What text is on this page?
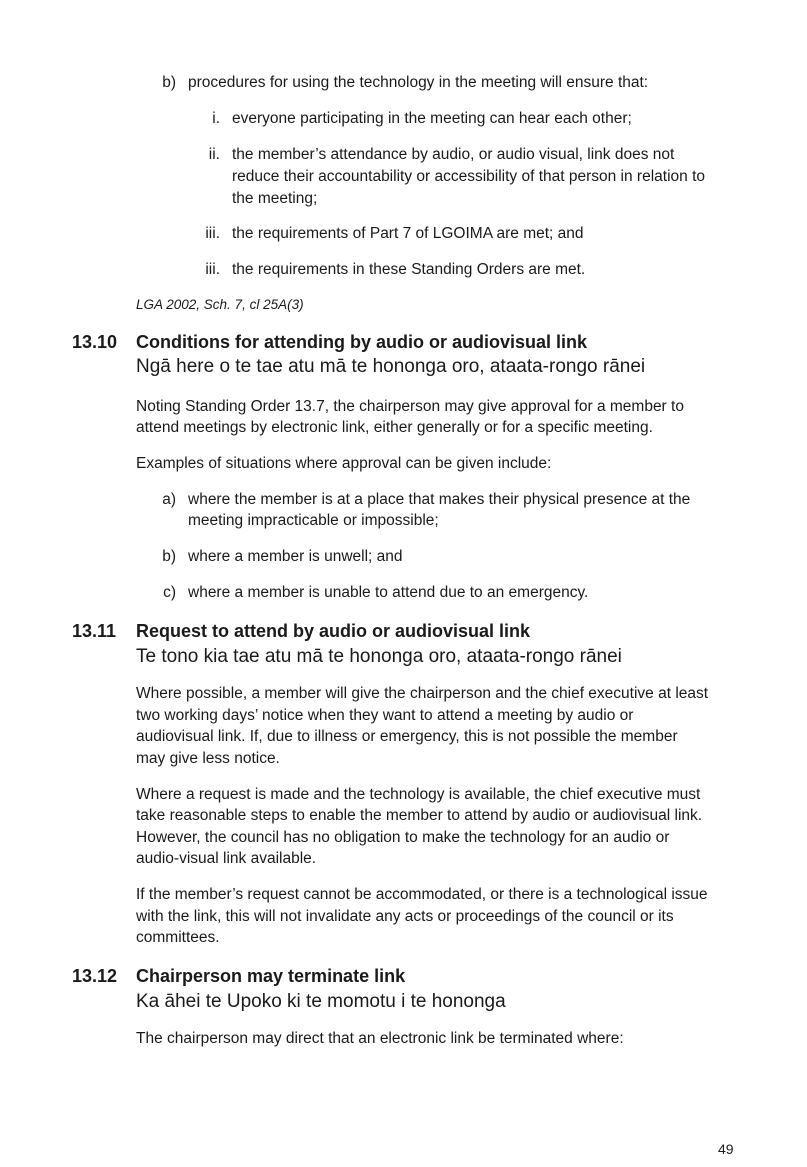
b) procedures for using the technology in the meeting will ensure that:
i. everyone participating in the meeting can hear each other;
ii. the member’s attendance by audio, or audio visual, link does not
reduce their accountability or accessibility of that person in relation to
the meeting;
iii. the requirements of Part 7 of LGOIMA are met; and
iii. the requirements in these Standing Orders are met.
LGA 2002, Sch. 7, cl 25A(3)
13.10 Conditions for attending by audio or audiovisual link
Ngā here o te tae atu mā te hononga oro, ataata-rongo rānei
Noting Standing Order 13.7, the chairperson may give approval for a member to
attend meetings by electronic link, either generally or for a specific meeting.
Examples of situations where approval can be given include:
a) where the member is at a place that makes their physical presence at the
meeting impracticable or impossible;
b) where a member is unwell; and
c) where a member is unable to attend due to an emergency.
13.11 Request to attend by audio or audiovisual link
Te tono kia tae atu mā te hononga oro, ataata-rongo rānei
Where possible, a member will give the chairperson and the chief executive at least
two working days’ notice when they want to attend a meeting by audio or
audiovisual link. If, due to illness or emergency, this is not possible the member
may give less notice.
Where a request is made and the technology is available, the chief executive must
take reasonable steps to enable the member to attend by audio or audiovisual link.
However, the council has no obligation to make the technology for an audio or
audio-visual link available.
If the member’s request cannot be accommodated, or there is a technological issue
with the link, this will not invalidate any acts or proceedings of the council or its
committees.
13.12 Chairperson may terminate link
Ka āhei te Upoko ki te momotu i te hononga
The chairperson may direct that an electronic link be terminated where:
49
